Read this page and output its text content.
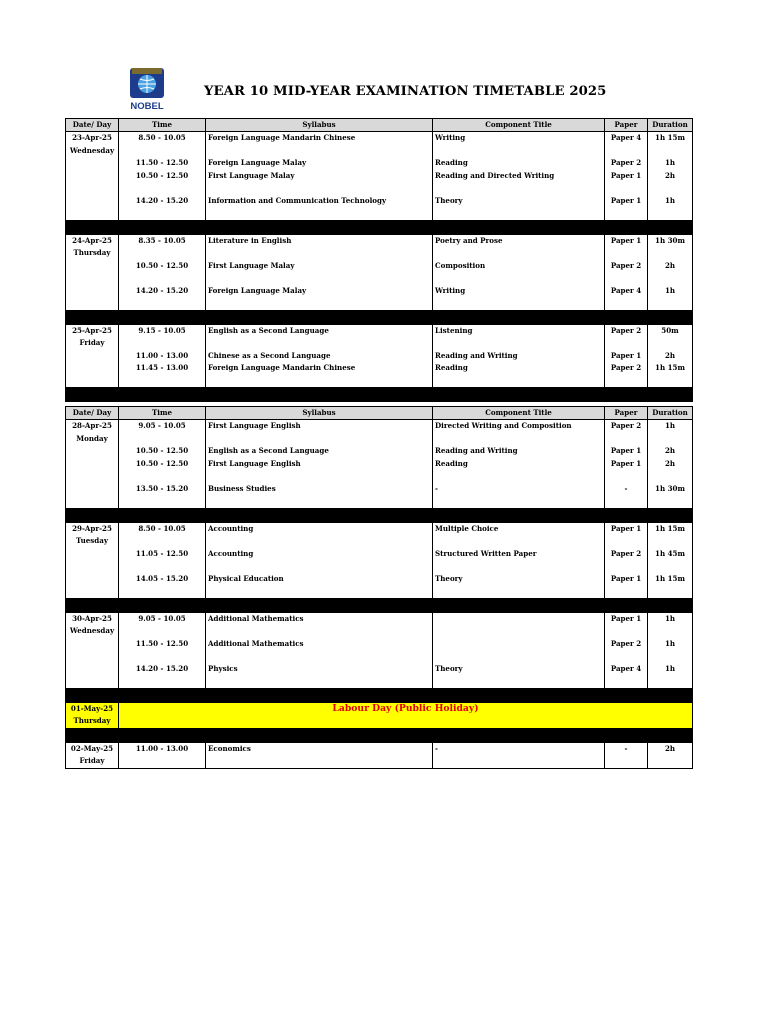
NOBEL
YEAR 10 MID-YEAR EXAMINATION TIMETABLE 2025
Date/ Day	Time	Syllabus	Component Title	Paper	Duration
23-Apr-25	8.50 - 10.05	Foreign Language Mandarin Chinese	Writing	Paper 4	1h 15m
Wednesday					
	11.50 - 12.50	Foreign Language Malay	Reading	Paper 2	1h
	10.50 - 12.50	First Language Malay	Reading and Directed Writing	Paper 1	2h

	14.20 - 15.20	Information and Communication Technology	Theory	Paper 1	1h

24-Apr-25	8.35 - 10.05	Literature in English	Poetry and Prose	Paper 1	1h 30m
Thursday					
	10.50 - 12.50	First Language Malay	Composition	Paper 2	2h

	14.20 - 15.20	Foreign Language Malay	Writing	Paper 4	1h

25-Apr-25	9.15 - 10.05	English as a Second Language	Listening	Paper 2	50m
Friday					
	11.00 - 13.00	Chinese as a Second Language	Reading and Writing	Paper 1	2h
	11.45 - 13.00	Foreign Language Mandarin Chinese	Reading	Paper 2	1h 15m

Date/ Day	Time	Syllabus	Component Title	Paper	Duration
28-Apr-25	9.05 - 10.05	First Language English	Directed Writing and Composition	Paper 2	1h
Monday					
	10.50 - 12.50	English as a Second Language	Reading and Writing	Paper 1	2h
	10.50 - 12.50	First Language English	Reading	Paper 1	2h

	13.50 - 15.20	Business Studies	-	-	1h 30m

29-Apr-25	8.50 - 10.05	Accounting	Multiple Choice	Paper 1	1h 15m
Tuesday					
	11.05 - 12.50	Accounting	Structured Written Paper	Paper 2	1h 45m

	14.05 - 15.20	Physical Education	Theory	Paper 1	1h 15m

30-Apr-25	9.05 - 10.05	Additional Mathematics		Paper 1	1h
Wednesday					
	11.50 - 12.50	Additional Mathematics		Paper 2	1h

	14.20 - 15.20	Physics	Theory	Paper 4	1h

01-May-25	Labour Day (Public Holiday)				
Thursday					

02-May-25	11.00 - 13.00	Economics	-	-	2h
Friday					
